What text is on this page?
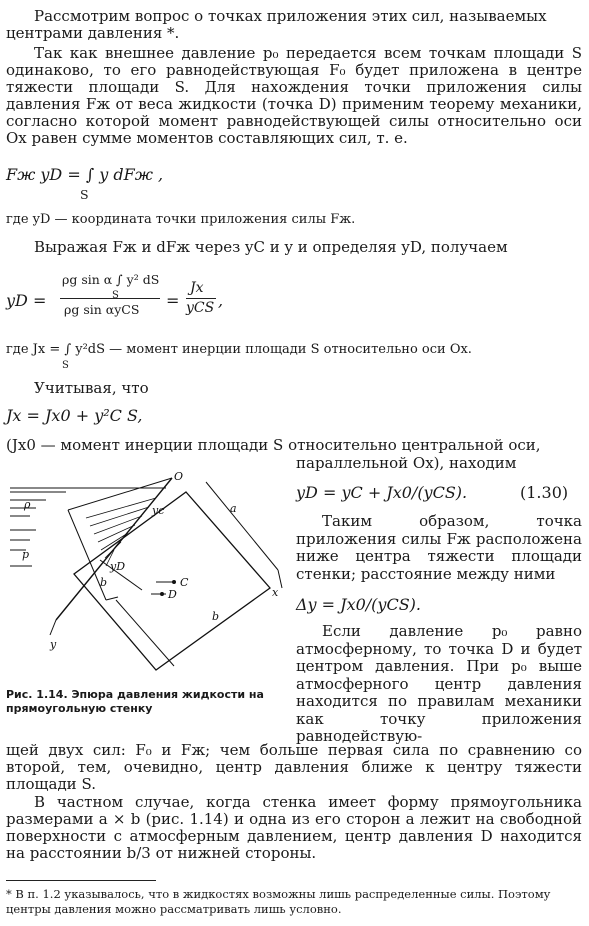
Рассмотрим вопрос о точках приложения этих сил, называемых центрами давления *.
Так как внешнее давление p₀ передается всем точкам площади S одинаково, то его равнодействующая F₀ будет приложена в центре тяжести площади S. Для нахождения точки приложения силы давления Fж от веса жидкости (точка D) применим теорему механики, согласно которой момент равнодействующей силы относительно оси Ox равен сумме моментов составляющих сил, т. е.
Fж yD = ∫ y dFж ,
S
где yD — координата точки приложения силы Fж.
Выражая Fж и dFж через yC и y и определяя yD, получаем
yD =
ρg sin α ∫ y² dS
S
ρg sin αyCS =
Jx
yCS ,
где Jx = ∫ y²dS — момент инерции площади S относительно оси Ox.
S
Учитывая, что
Jx = Jx0 + y²C S,
(Jx0 — момент инерции площади S относительно центральной оси,
параллельной Ox), находим
yD = yC + Jx0/(yCS).	(1.30)
O
ρ
p
yc
yD
b
a
C
D	x
y
b
Рис. 1.14. Эпюра давления жидкости на прямоугольную стенку
Таким образом, точка приложения силы Fж расположена ниже центра тяжести площади стенки; расстояние между ними
Δy = Jx0/(yCS).
Если давление p₀ равно атмосферному, то точка D и будет центром давления. При p₀ выше атмосферного центр давления находится по правилам механики как точку приложения равнодействую-
щей двух сил: F₀ и Fж; чем больше первая сила по сравнению со второй, тем, очевидно, центр давления ближе к центру тяжести площади S.
В частном случае, когда стенка имеет форму прямоугольника размерами a × b (рис. 1.14) и одна из его сторон a лежит на свободной поверхности с атмосферным давлением, центр давления D находится на расстоянии b/3 от нижней стороны.
* В п. 1.2 указывалось, что в жидкостях возможны лишь распределенные силы. Поэтому центры давления можно рассматривать лишь условно.
